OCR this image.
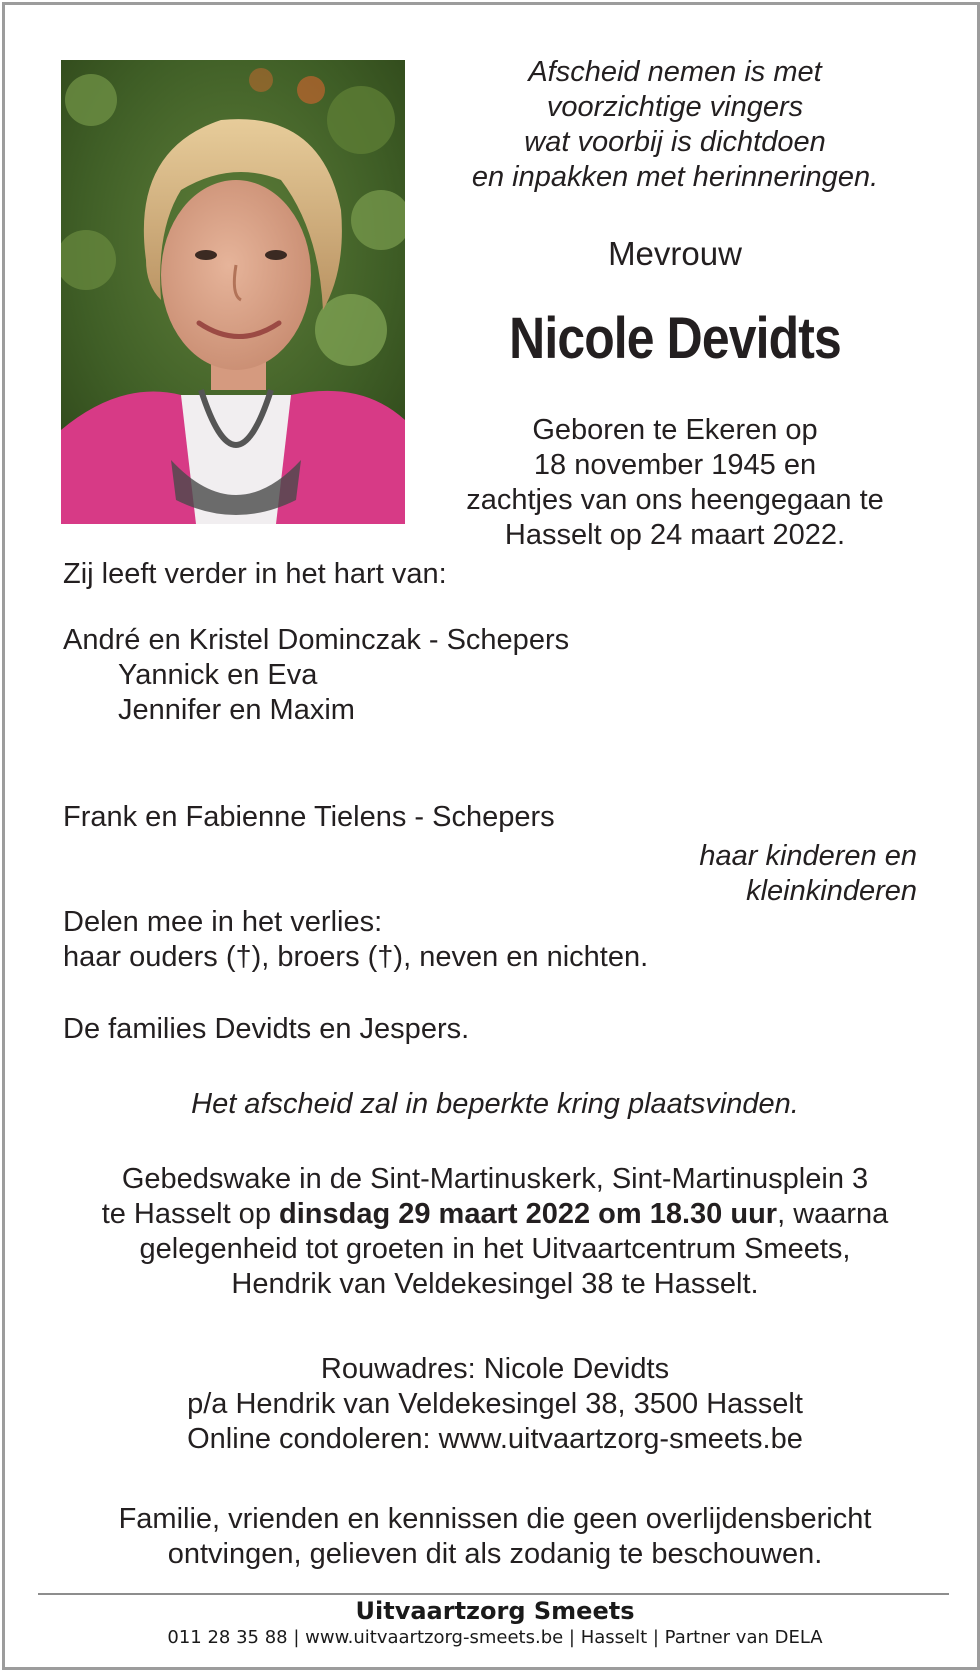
Afscheid nemen is met
voorzichtige vingers
wat voorbij is dichtdoen
en inpakken met herinneringen.
Mevrouw
Nicole Devidts
Geboren te Ekeren op
18 november 1945 en
zachtjes van ons heengegaan te
Hasselt op 24 maart 2022.
Zij leeft verder in het hart van:
André en Kristel Dominczak - Schepers
Yannick en Eva
Jennifer en Maxim
Frank en Fabienne Tielens - Schepers
haar kinderen en
kleinkinderen
Delen mee in het verlies:
haar ouders (†), broers (†), neven en nichten.
De families Devidts en Jespers.
Het afscheid zal in beperkte kring plaatsvinden.
Gebedswake in de Sint-Martinuskerk, Sint-Martinusplein 3
te Hasselt op dinsdag 29 maart 2022 om 18.30 uur, waarna
gelegenheid tot groeten in het Uitvaartcentrum Smeets,
Hendrik van Veldekesingel 38 te Hasselt.
Rouwadres: Nicole Devidts
p/a Hendrik van Veldekesingel 38, 3500 Hasselt
Online condoleren: www.uitvaartzorg-smeets.be
Familie, vrienden en kennissen die geen overlijdensbericht
ontvingen, gelieven dit als zodanig te beschouwen.
Uitvaartzorg Smeets
011 28 35 88 | www.uitvaartzorg-smeets.be | Hasselt | Partner van DELA
